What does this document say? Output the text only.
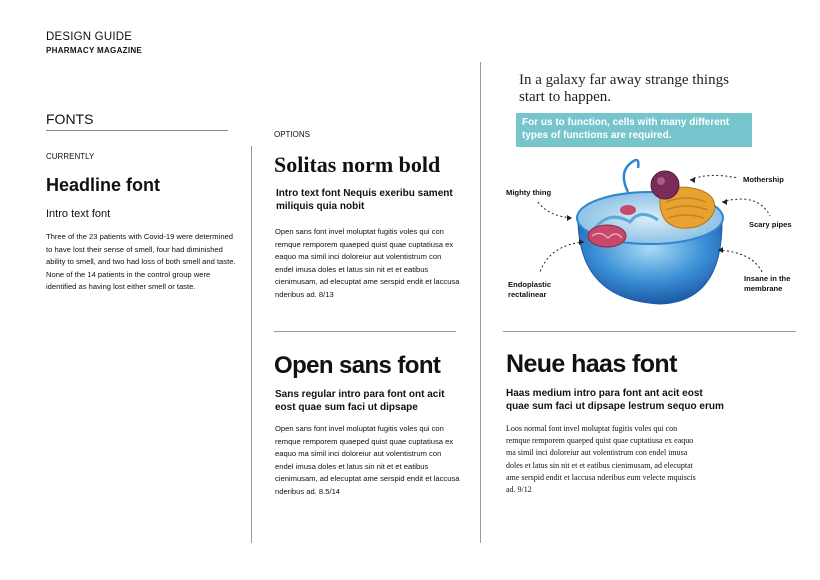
DESIGN GUIDE
PHARMACY MAGAZINE
FONTS
CURRENTLY
Headline font
Intro text font
Three of the 23 patients with Covid-19 were determined to have lost their sense of smell, four had diminished ability to smell, and two had loss of both smell and taste. None of the 14 patients in the control group were identified as having lost either smell or taste.
OPTIONS
Solitas norm bold
Intro text font Nequis exeribu sament miliquis quia nobit
Open sans font invel moluptat fugitis voles qui con remque remporem quaeped quist quae cuptatiusa ex eaquo ma simil inci doloreiur aut volentistrum con endel imusa doles et latus sin nit et et eatibus cienimusam, ad elecuptat ame serspid endit et laccusa nderibus ad. 8/13
Open sans font
Sans regular intro para font ont acit eost quae sum faci ut dipsape
Open sans font invel moluptat fugitis voles qui con remque remporem quaeped quist quae cuptatiusa ex eaquo ma simil inci doloreiur aut volentistrum con endel imusa doles et latus sin nit et et eatibus cienimusam, ad elecuptat ame serspid endit et laccusa nderibus ad. 8.5/14
Neue haas font
Haas medium intro para font ant acit eost quae sum faci ut dipsape lestrum sequo erum
Loos normal font invel moluptat fugitis voles qui con remque remporem quaeped quist quae cuptatiusa ex eaquo ma simil inci doloreiur aut volentistrum con endel imusa doles et latus sin nit et et eatibus cienimusam, ad elecuptat ame serspid endit et laccusa nderibus eum velecte mquiscis ad. 9/12
In a galaxy far away strange things start to happen.
For us to function, cells with many different types of functions are required.
Mighty thing
Mothership
Scary pipes
Endoplastic rectalinear
Insane in the membrane
